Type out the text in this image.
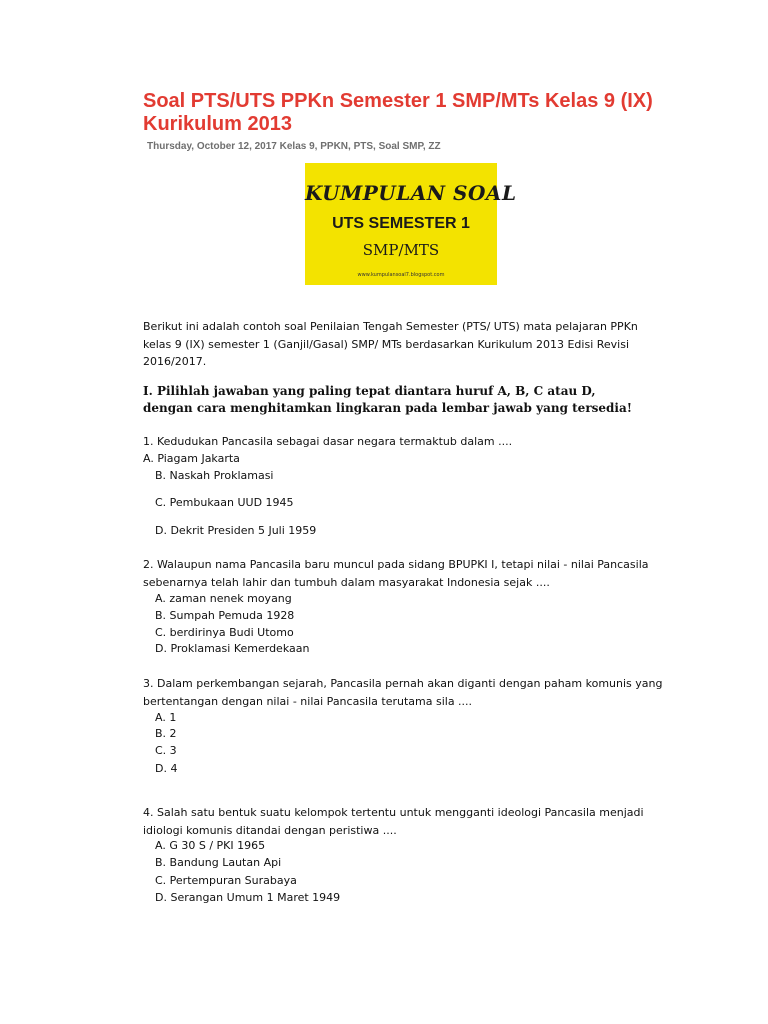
Soal PTS/UTS PPKn Semester 1 SMP/MTs Kelas 9 (IX) Kurikulum 2013
Thursday, October 12, 2017 Kelas 9, PPKN, PTS, Soal SMP, ZZ
KUMPULAN SOAL
UTS SEMESTER 1
SMP/MTS
www.kumpulansoal7.blogspot.com

Berikut ini adalah contoh soal Penilaian Tengah Semester (PTS/ UTS) mata pelajaran PPKn kelas 9 (IX) semester 1 (Ganjil/Gasal) SMP/ MTs berdasarkan Kurikulum 2013 Edisi Revisi 2016/2017.

I. Pilihlah jawaban yang paling tepat diantara huruf A, B, C atau D, dengan cara menghitamkan lingkaran pada lembar jawab yang tersedia!

1. Kedudukan Pancasila sebagai dasar negara termaktub dalam ....

A. Piagam Jakarta
B. Naskah Proklamasi
C. Pembukaan UUD 1945
D. Dekrit Presiden 5 Juli 1959

2. Walaupun nama Pancasila baru muncul pada sidang BPUPKI I, tetapi nilai - nilai Pancasila sebenarnya telah lahir dan tumbuh dalam masyarakat Indonesia sejak ....

A. zaman nenek moyang
B. Sumpah Pemuda 1928
C. berdirinya Budi Utomo
D. Proklamasi Kemerdekaan

3. Dalam perkembangan sejarah, Pancasila pernah akan diganti dengan paham komunis yang bertentangan dengan nilai - nilai Pancasila terutama sila ....

A. 1
B. 2
C. 3
D. 4

4. Salah satu bentuk suatu kelompok tertentu untuk mengganti ideologi Pancasila menjadi idiologi komunis ditandai dengan peristiwa ....

A. G 30 S / PKI 1965
B. Bandung Lautan Api
C. Pertempuran Surabaya
D. Serangan Umum 1 Maret 1949
